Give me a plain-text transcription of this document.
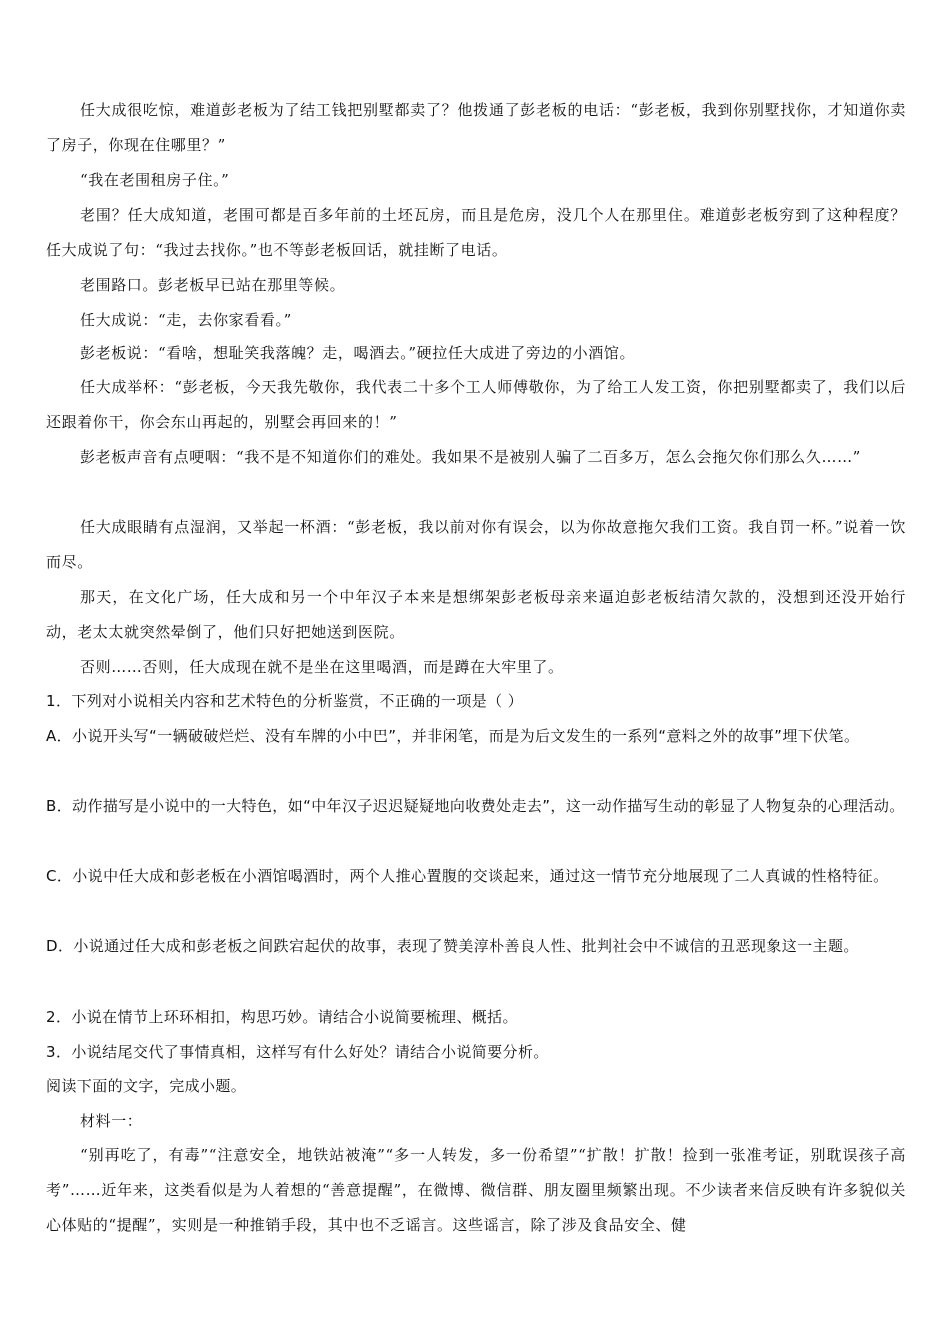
任大成很吃惊，难道彭老板为了结工钱把别墅都卖了？他拨通了彭老板的电话：“彭老板，我到你别墅找你，才知道你卖了房子，你现在住哪里？”

“我在老围租房子住。”

老围？任大成知道，老围可都是百多年前的土坯瓦房，而且是危房，没几个人在那里住。难道彭老板穷到了这种程度？任大成说了句：“我过去找你。”也不等彭老板回话，就挂断了电话。

老围路口。彭老板早已站在那里等候。

任大成说：“走，去你家看看。”

彭老板说：“看啥，想耻笑我落魄？走，喝酒去。”硬拉任大成进了旁边的小酒馆。

任大成举杯：“彭老板，今天我先敬你，我代表二十多个工人师傅敬你，为了给工人发工资，你把别墅都卖了，我们以后还跟着你干，你会东山再起的，别墅会再回来的！”

彭老板声音有点哽咽：“我不是不知道你们的难处。我如果不是被别人骗了二百多万，怎么会拖欠你们那么久……”

任大成眼睛有点湿润，又举起一杯酒：“彭老板，我以前对你有误会，以为你故意拖欠我们工资。我自罚一杯。”说着一饮而尽。

那天，在文化广场，任大成和另一个中年汉子本来是想绑架彭老板母亲来逼迫彭老板结清欠款的，没想到还没开始行动，老太太就突然晕倒了，他们只好把她送到医院。

否则……否则，任大成现在就不是坐在这里喝酒，而是蹲在大牢里了。

1．下列对小说相关内容和艺术特色的分析鉴赏，不正确的一项是（ ）

A．小说开头写“一辆破破烂烂、没有车牌的小中巴”，并非闲笔，而是为后文发生的一系列“意料之外的故事”埋下伏笔。

B．动作描写是小说中的一大特色，如“中年汉子迟迟疑疑地向收费处走去”，这一动作描写生动的彰显了人物复杂的心理活动。

C．小说中任大成和彭老板在小酒馆喝酒时，两个人推心置腹的交谈起来，通过这一情节充分地展现了二人真诚的性格特征。

D．小说通过任大成和彭老板之间跌宕起伏的故事，表现了赞美淳朴善良人性、批判社会中不诚信的丑恶现象这一主题。

2．小说在情节上环环相扣，构思巧妙。请结合小说简要梳理、概括。

3．小说结尾交代了事情真相，这样写有什么好处？请结合小说简要分析。

阅读下面的文字，完成小题。

材料一：

“别再吃了，有毒”“注意安全，地铁站被淹”“多一人转发，多一份希望”“扩散！扩散！捡到一张准考证，别耽误孩子高考”……近年来，这类看似是为人着想的“善意提醒”，在微博、微信群、朋友圈里频繁出现。不少读者来信反映有许多貌似关心体贴的“提醒”，实则是一种推销手段，其中也不乏谣言。这些谣言，除了涉及食品安全、健
